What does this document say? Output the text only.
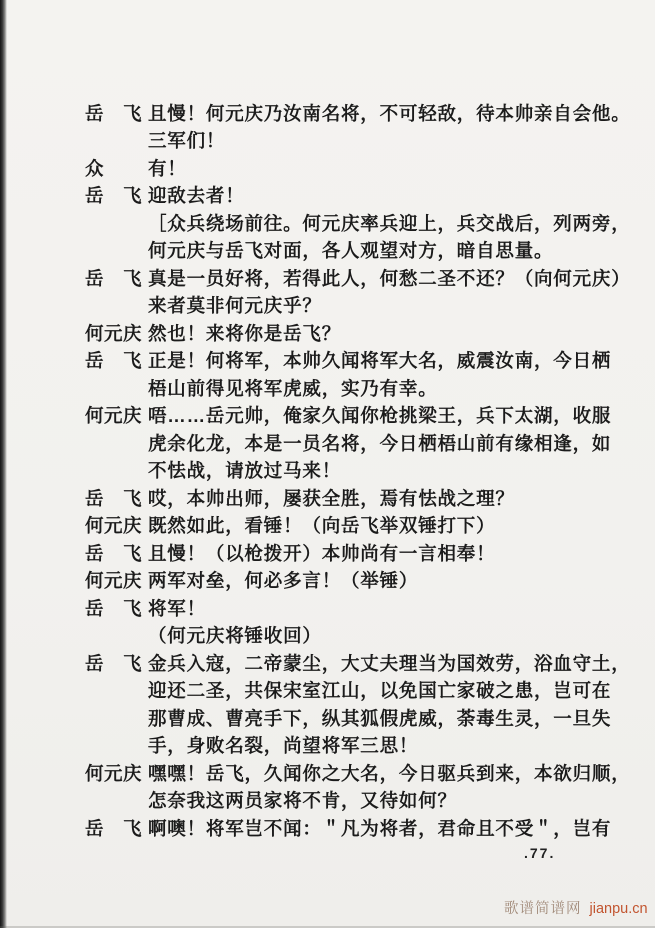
岳　飞 且慢！何元庆乃汝南名将，不可轻敌，待本帅亲自会他。
三军们！
众	有！
岳　飞 迎敌去者！
［众兵绕场前往。何元庆率兵迎上，兵交战后，列两旁，
何元庆与岳飞对面，各人观望对方，暗自思量。
岳　飞 真是一员好将，若得此人，何愁二圣不还？（向何元庆）
来者莫非何元庆乎？
何元庆 然也！来将你是岳飞？
岳　飞 正是！何将军，本帅久闻将军大名，威震汝南，今日栖
梧山前得见将军虎威，实乃有幸。
何元庆 唔……岳元帅，俺家久闻你枪挑梁王，兵下太湖，收服
虎余化龙，本是一员名将，今日栖梧山前有缘相逢，如
不怯战，请放过马来！
岳　飞 哎，本帅出师，屡获全胜，焉有怯战之理？
何元庆 既然如此，看锤！（向岳飞举双锤打下）
岳　飞 且慢！（以枪拨开）本帅尚有一言相奉！
何元庆 两军对垒，何必多言！（举锤）
岳　飞 将军！
（何元庆将锤收回）
岳　飞 金兵入寇，二帝蒙尘，大丈夫理当为国效劳，浴血守土，
迎还二圣，共保宋室江山，以免国亡家破之患，岂可在
那曹成、曹亮手下，纵其狐假虎威，荼毒生灵，一旦失
手，身败名裂，尚望将军三思！
何元庆 嘿嘿！岳飞，久闻你之大名，今日驱兵到来，本欲归顺，
怎奈我这两员家将不肯，又待如何？
岳　飞 啊噢！将军岂不闻：＂凡为将者，君命且不受＂，岂有
.77.
歌谱简谱网 jianpu.cn
